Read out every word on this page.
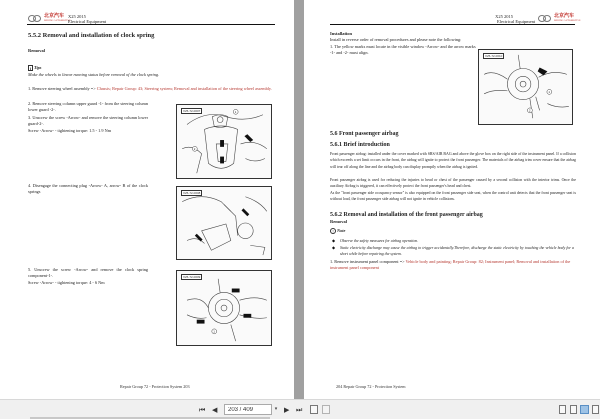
北京汽车
BEIJING AUTOMOTIVE
X25 2015
Electrical Equipment
5.5.2 Removal and installation of clock spring
Removal
i Tips
Make the wheels to linear running status before removal of the clock spring.
1. Remove steering wheel assembly => Chassis; Repair Group: 43; Steering system; Removal and installation of the steering wheel assembly.
2. Remove steering column upper guard -1- from the steering column lower guard -2-.
3. Unscrew the screw -Arrow- and remove the steering column lower guard-2-.
Screw -Arrow- - tightening torque: 1.5 - 1.9 Nm
4. Disengage the connecting plug -Arrow- A, arrow- B of the clock springs
5. Unscrew the screw -Arrow- and remove the clock spring component-1-.
Screw -Arrow- - tightening torque: 4 - 6 Nm
1
2
X25-72-0007
X25-72-0008
1
X25-72-0009
Repair Group 72 - Protection System 203
X25 2015
Electrical Equipment
北京汽车
BEIJING AUTOMOTIVE
Installation
Install in reverse order of removal procedures and please note the following:
1. The yellow marks must locate in the visible window -Arrow- and the arrow marks -1- and -2- must align.
1
2
X25-72-0010
5.6 Front passenger airbag
5.6.1 Brief introduction
Front passenger airbag: installed under the cover marked with SRS/AIR BAG and above the glove box on the right side of the instrument panel. If a collision which exceeds a set limit occurs in the front, the airbag will ignite to protect the front passenger. The materials of the airbag trim cover ensure that the airbag will tear off along the line and the airbag body can display promptly when the airbag is ignited.
Front passenger airbag is used for reducing the injuries to head or chest of the passenger caused by a second collision with the interior trims. Once the auxiliary Airbag is triggered, it can effectively protect the front passenger's head and chest.
As the "front passenger side occupancy sensor" is also equipped on the front passenger side seat, when the control unit detects that the front passenger seat is without load, the front passenger side airbag will not ignite in vehicle collisions.
5.6.2 Removal and installation of the front passenger airbag
Removal
! Note
◆ Observe the safety measures for airbag operation.
◆ Static electricity discharge may cause the airbag to trigger accidentally.Therefore, discharge the static electricity by touching the vehicle body for a short while before repairing the system.
1. Remove instrument panel component => Vehicle body and painting; Repair Group: 82; Instrument panel; Removal and installation of the instrument panel component
204 Repair Group 72 - Protection System
⏮ ◀
203 / 409	▾ ▶ ⏭
